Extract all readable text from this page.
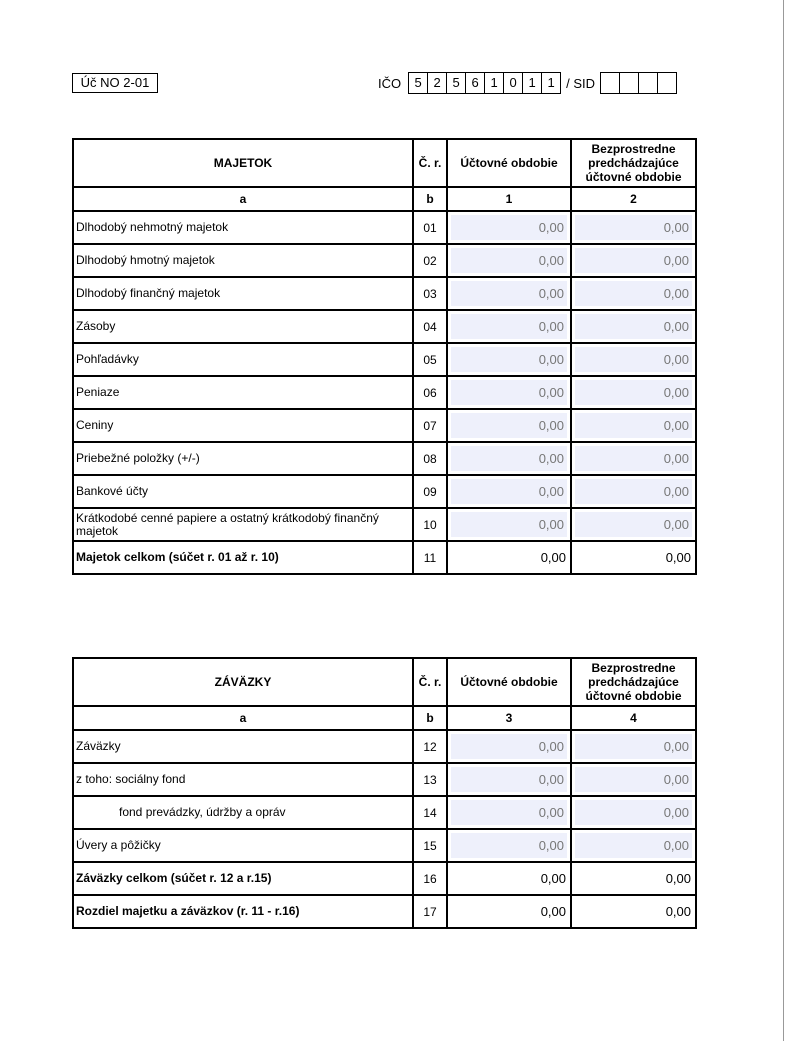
Úč NO 2-01	IČO	5 2 5 6 1 0 1 1 / SID
MAJETOK	Č. r.	Účtovné obdobie	Bezprostredne predchádzajúce účtovné obdobie
a	b	1	2
Dlhodobý nehmotný majetok	01	0,00	0,00

Dlhodobý hmotný majetok	02	0,00	0,00

Dlhodobý finančný majetok	03	0,00	0,00

Zásoby	04	0,00	0,00

Pohľadávky	05	0,00	0,00

Peniaze	06	0,00	0,00

Ceniny	07	0,00	0,00

Priebežné položky (+/-)	08	0,00	0,00

Bankové účty	09	0,00	0,00

Krátkodobé cenné papiere a ostatný krátkodobý finančný majetok	10	0,00	0,00

Majetok celkom (súčet r. 01 až r. 10)	11	0,00	0,00
ZÁVÄZKY	Č. r.	Účtovné obdobie	Bezprostredne predchádzajúce účtovné obdobie
a	b	3	4
Záväzky	12	0,00	0,00

z toho: sociálny fond	13	0,00	0,00

fond prevádzky, údržby a opráv	14	0,00	0,00

Úvery a pôžičky	15	0,00	0,00

Záväzky celkom (súčet r. 12 a r.15)	16	0,00	0,00

Rozdiel majetku a záväzkov (r. 11 - r.16)	17	0,00	0,00
